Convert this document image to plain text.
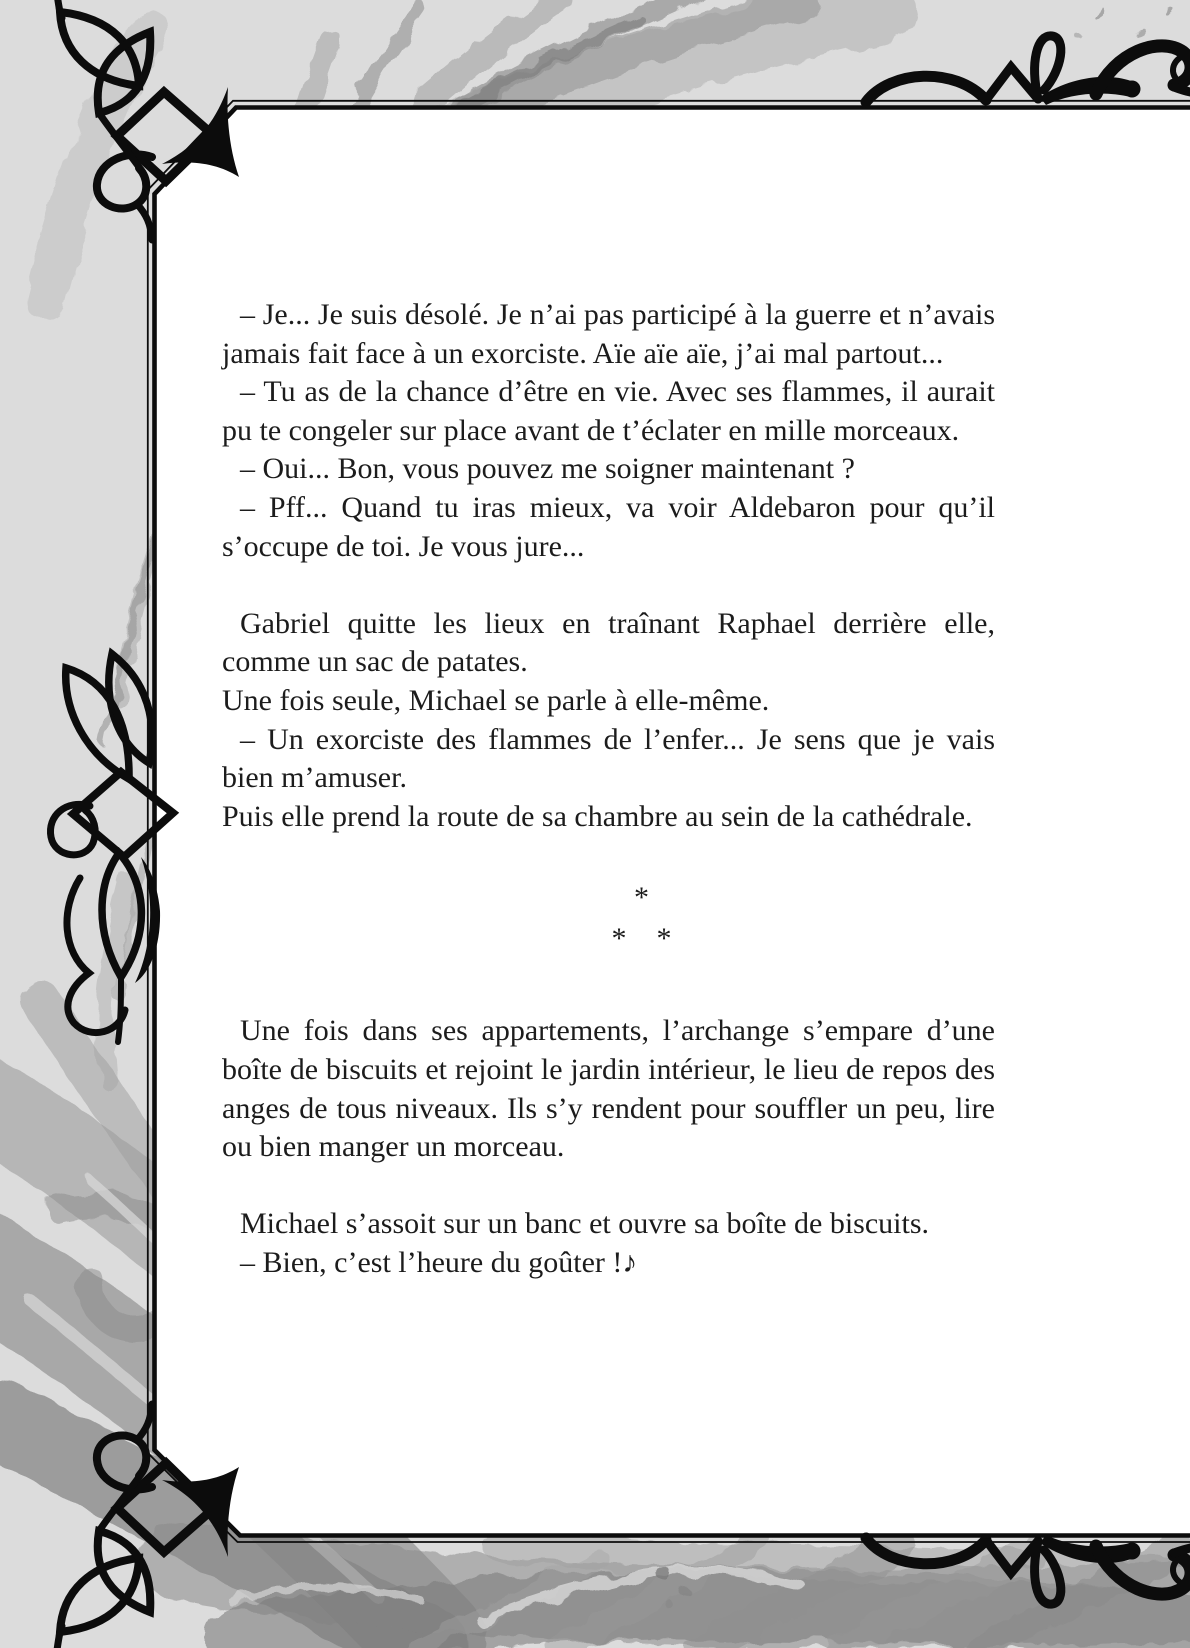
– Je... Je suis désolé. Je n’ai pas participé à la guerre et n’avais jamais fait face à un exorciste. Aïe aïe aïe, j’ai mal partout...

– Tu as de la chance d’être en vie. Avec ses flammes, il aurait pu te congeler sur place avant de t’éclater en mille morceaux.

– Oui... Bon, vous pouvez me soigner maintenant ?

– Pff... Quand tu iras mieux, va voir Aldebaron pour qu’il s’occupe de toi. Je vous jure...

Gabriel quitte les lieux en traînant Raphael derrière elle, comme un sac de patates.

Une fois seule, Michael se parle à elle-même.

– Un exorciste des flammes de l’enfer... Je sens que je vais bien m’amuser.

Puis elle prend la route de sa chambre au sein de la cathédrale.

*
* *

Une fois dans ses appartements, l’archange s’empare d’une boîte de biscuits et rejoint le jardin intérieur, le lieu de repos des anges de tous niveaux. Ils s’y rendent pour souffler un peu, lire ou bien manger un morceau.

Michael s’assoit sur un banc et ouvre sa boîte de biscuits.

– Bien, c’est l’heure du goûter !♪
